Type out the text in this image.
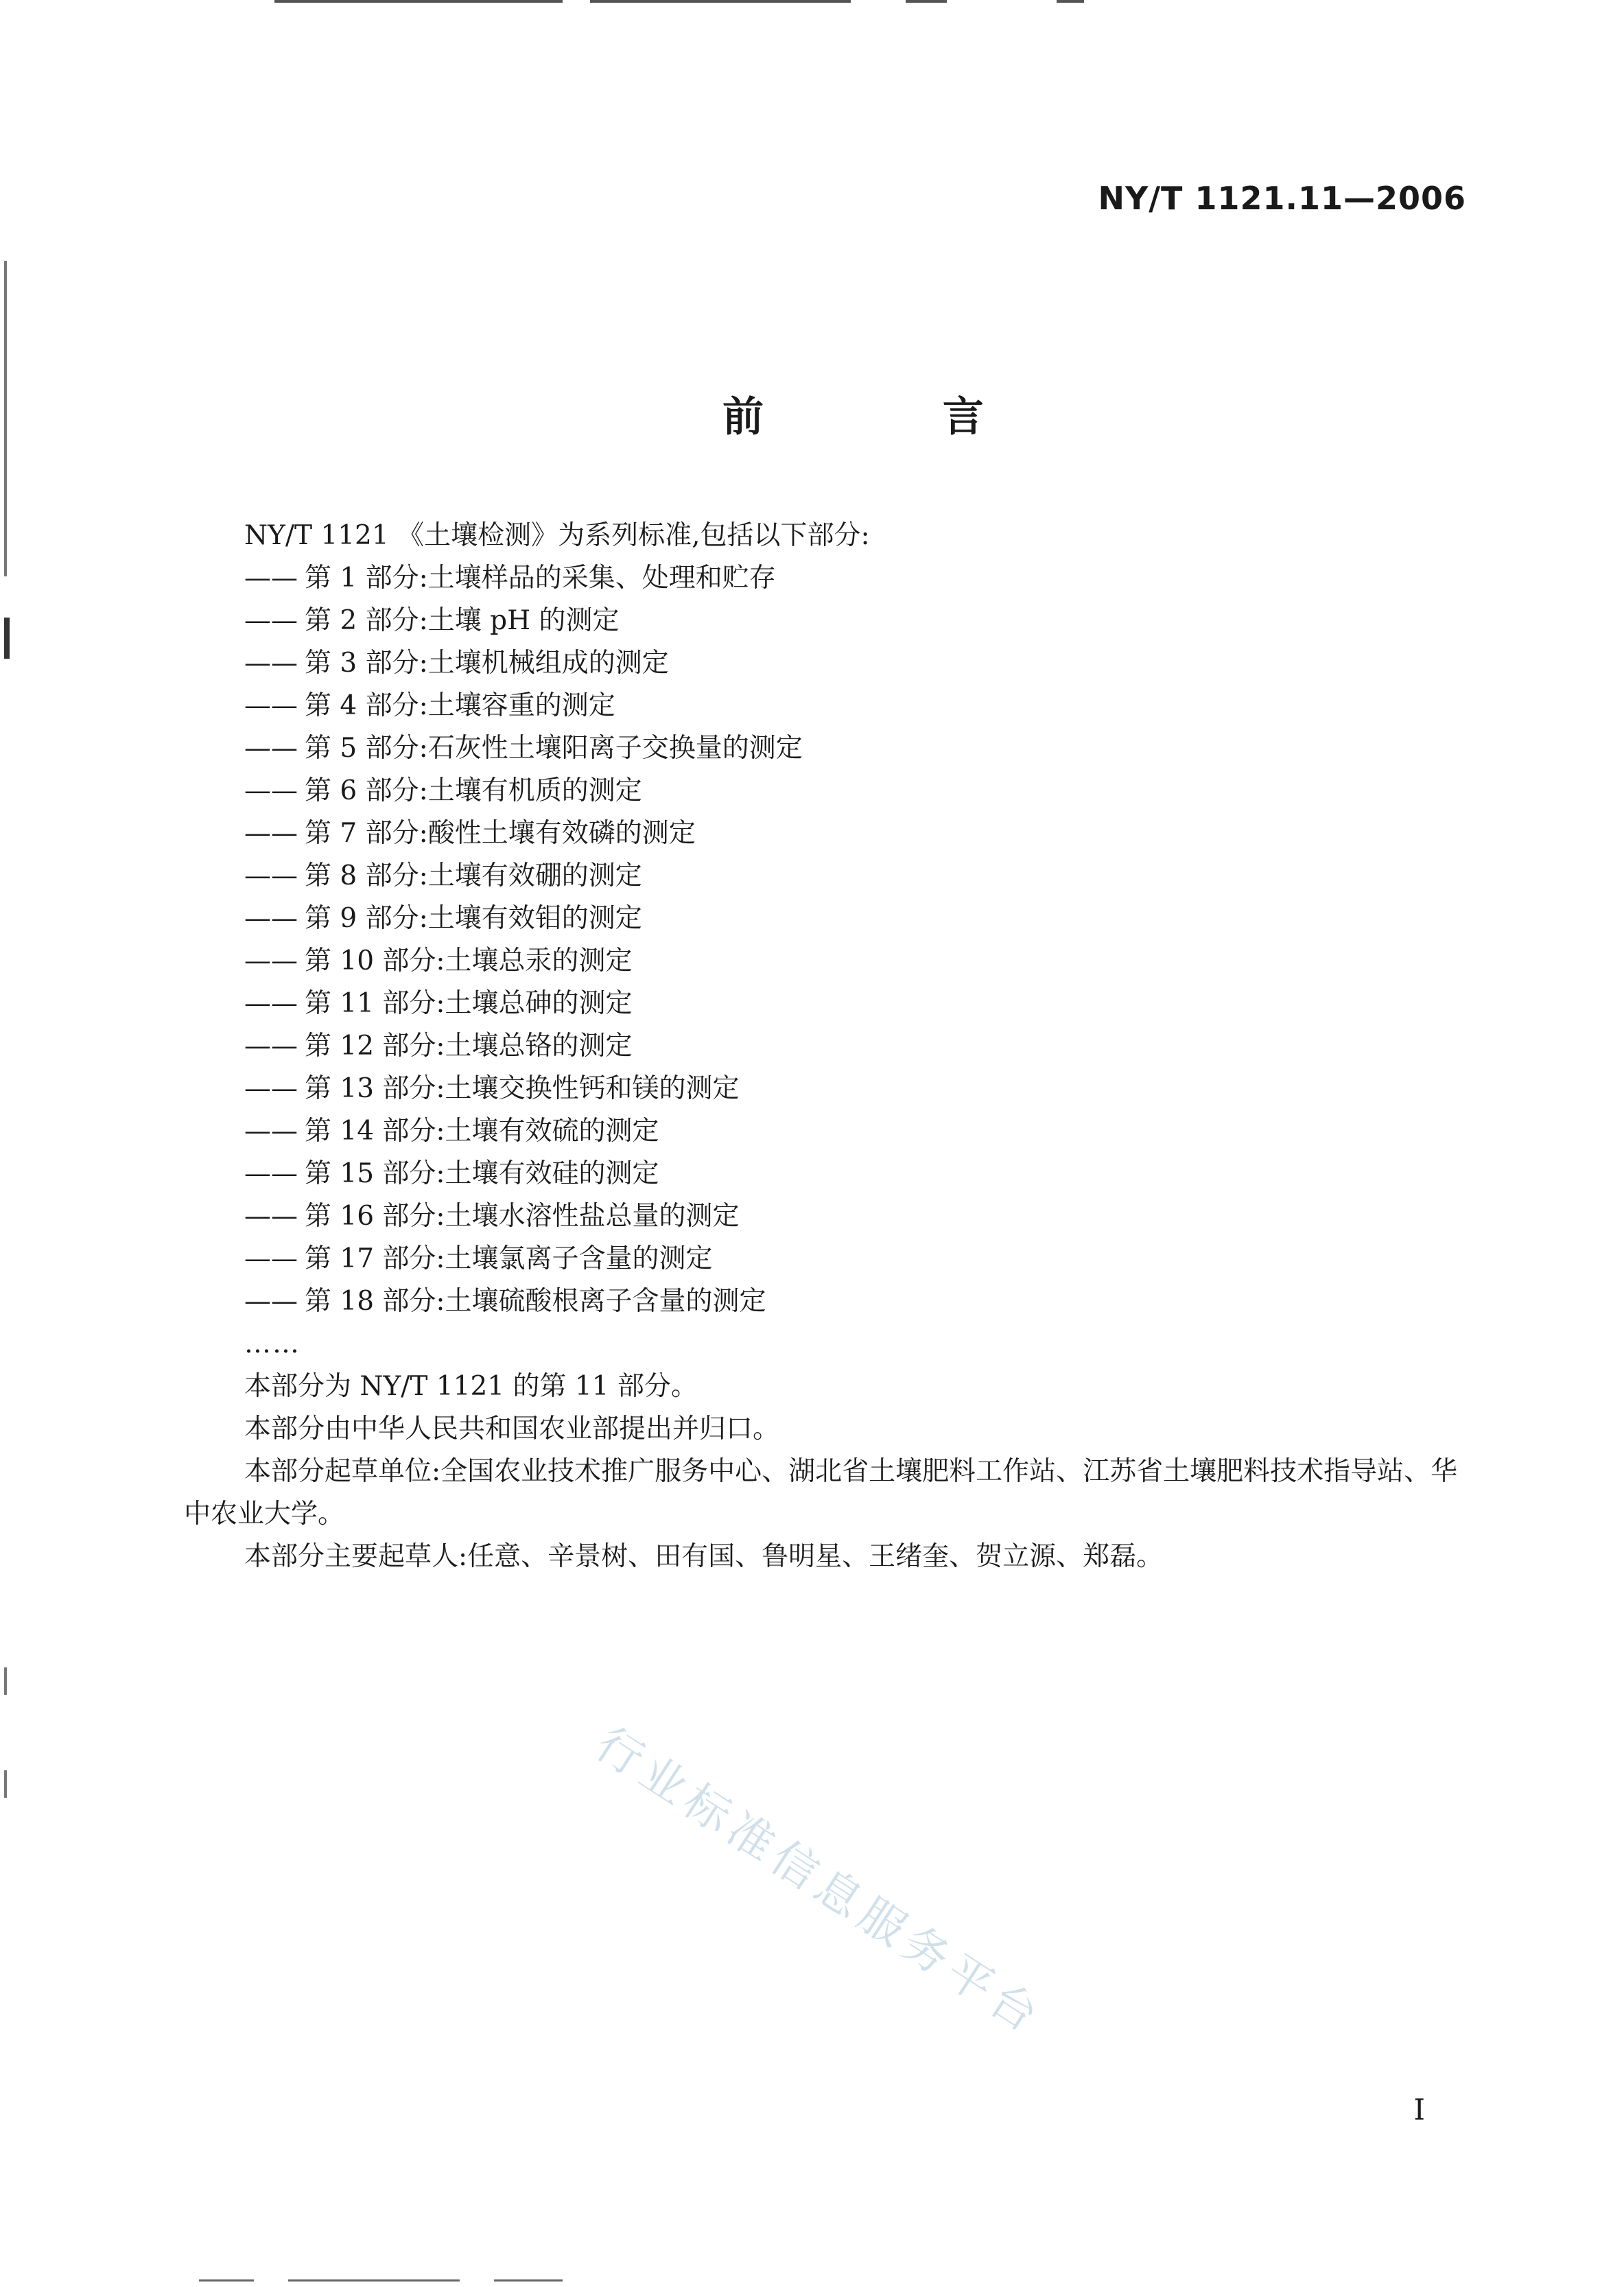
NY/T 1121.11—2006
前 言

NY/T 1121 《土壤检测》为系列标准,包括以下部分:

—— 第 1 部分:土壤样品的采集、处理和贮存
—— 第 2 部分:土壤 pH 的测定
—— 第 3 部分:土壤机械组成的测定
—— 第 4 部分:土壤容重的测定
—— 第 5 部分:石灰性土壤阳离子交换量的测定
—— 第 6 部分:土壤有机质的测定
—— 第 7 部分:酸性土壤有效磷的测定
—— 第 8 部分:土壤有效硼的测定
—— 第 9 部分:土壤有效钼的测定
—— 第 10 部分:土壤总汞的测定
—— 第 11 部分:土壤总砷的测定
—— 第 12 部分:土壤总铬的测定
—— 第 13 部分:土壤交换性钙和镁的测定
—— 第 14 部分:土壤有效硫的测定
—— 第 15 部分:土壤有效硅的测定
—— 第 16 部分:土壤水溶性盐总量的测定
—— 第 17 部分:土壤氯离子含量的测定
—— 第 18 部分:土壤硫酸根离子含量的测定

……

本部分为 NY/T 1121 的第 11 部分。

本部分由中华人民共和国农业部提出并归口。

本部分起草单位:全国农业技术推广服务中心、湖北省土壤肥料工作站、江苏省土壤肥料技术指导站、华中农业大学。

本部分主要起草人:任意、辛景树、田有国、鲁明星、王绪奎、贺立源、郑磊。

行业标准信息服务平台
I
